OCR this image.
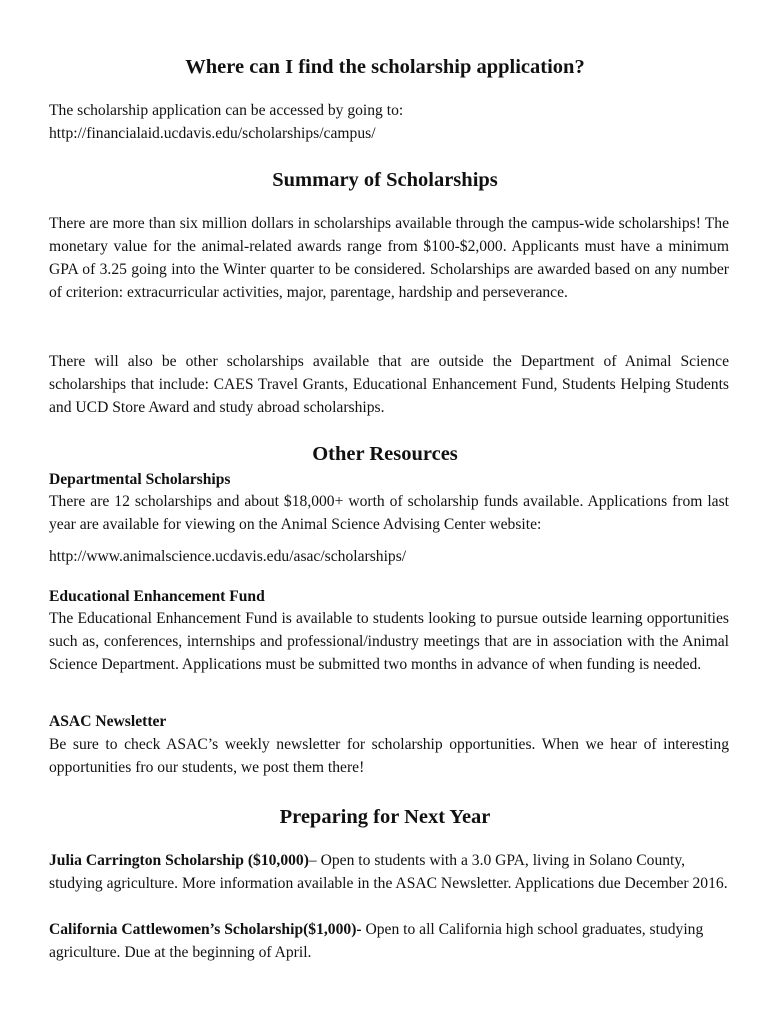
Where can I find the scholarship application?

The scholarship application can be accessed by going to:
http://financialaid.ucdavis.edu/scholarships/campus/

Summary of Scholarships

There are more than six million dollars in scholarships available through the campus-wide scholarships! The monetary value for the animal-related awards range from $100-$2,000. Applicants must have a minimum GPA of 3.25 going into the Winter quarter to be considered. Scholarships are awarded based on any number of criterion: extracurricular activities, major, parentage, hardship and perseverance.

There will also be other scholarships available that are outside the Department of Animal Science scholarships that include: CAES Travel Grants, Educational Enhancement Fund, Students Helping Students and UCD Store Award and study abroad scholarships.

Other Resources
Departmental Scholarships

There are 12 scholarships and about $18,000+ worth of scholarship funds available. Applications from last year are available for viewing on the Animal Science Advising Center website:

http://www.animalscience.ucdavis.edu/asac/scholarships/

Educational Enhancement Fund

The Educational Enhancement Fund is available to students looking to pursue outside learning opportunities such as, conferences, internships and professional/industry meetings that are in association with the Animal Science Department. Applications must be submitted two months in advance of when funding is needed.

ASAC Newsletter

Be sure to check ASAC’s weekly newsletter for scholarship opportunities. When we hear of interesting opportunities fro our students, we post them there!

Preparing for Next Year

Julia Carrington Scholarship ($10,000)– Open to students with a 3.0 GPA, living in Solano County, studying agriculture. More information available in the ASAC Newsletter. Applications due December 2016.

California Cattlewomen’s Scholarship($1,000)- Open to all California high school graduates, studying agriculture. Due at the beginning of April.
